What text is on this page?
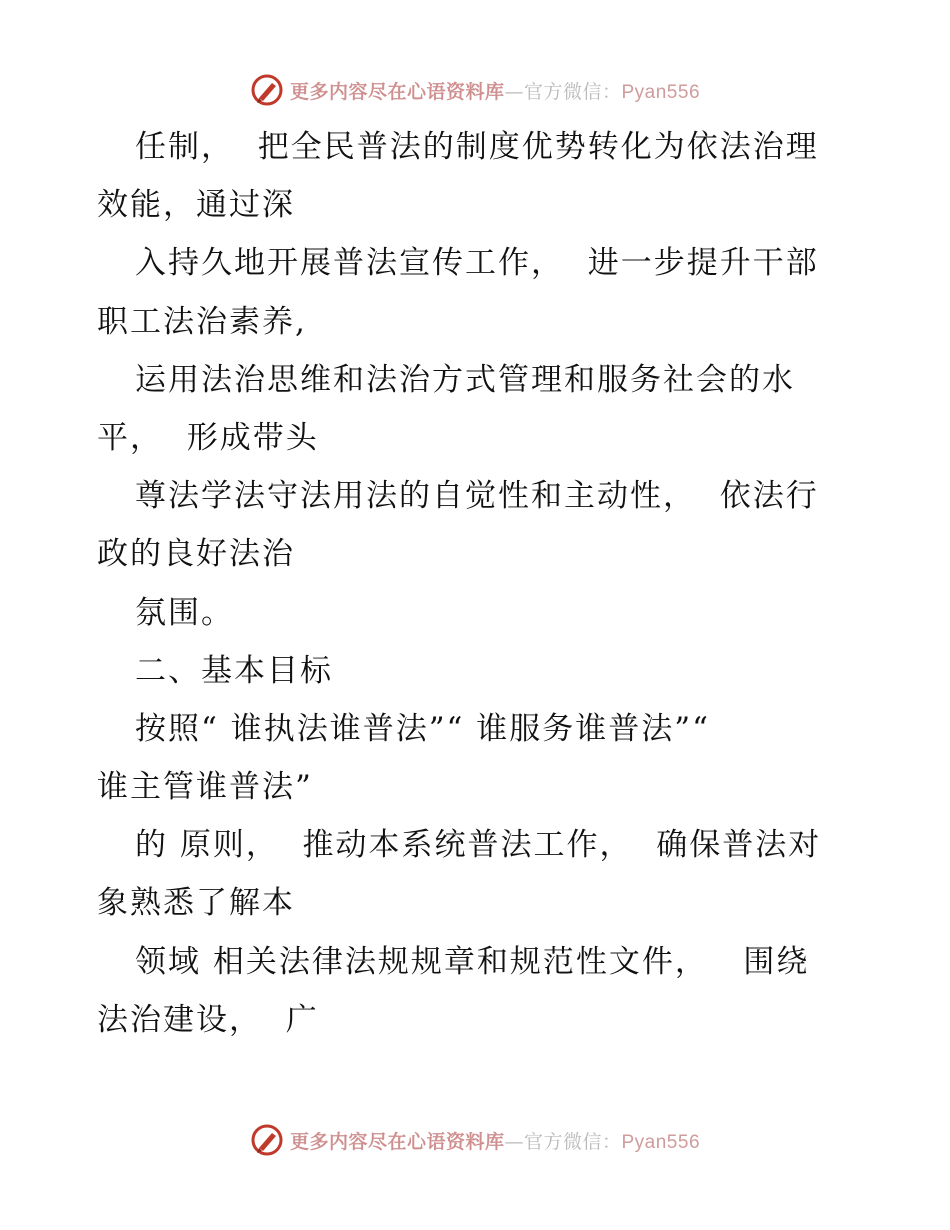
更多内容尽在心语资料库—官方微信：Pyan556
任制，  把全民普法的制度优势转化为依法治理
效能，通过深
入持久地开展普法宣传工作，  进一步提升干部
职工法治素养,
运用法治思维和法治方式管理和服务社会的水
平，  形成带头
尊法学法守法用法的自觉性和主动性，  依法行
政的良好法治
氛围。
二、基本目标
按照“ 谁执法谁普法”“ 谁服务谁普法”“
谁主管谁普法”
的 原则，  推动本系统普法工作，  确保普法对
象熟悉了解本
领域 相关法律法规规章和规范性文件，   围绕
法治建设，  广
更多内容尽在心语资料库—官方微信：Pyan556
